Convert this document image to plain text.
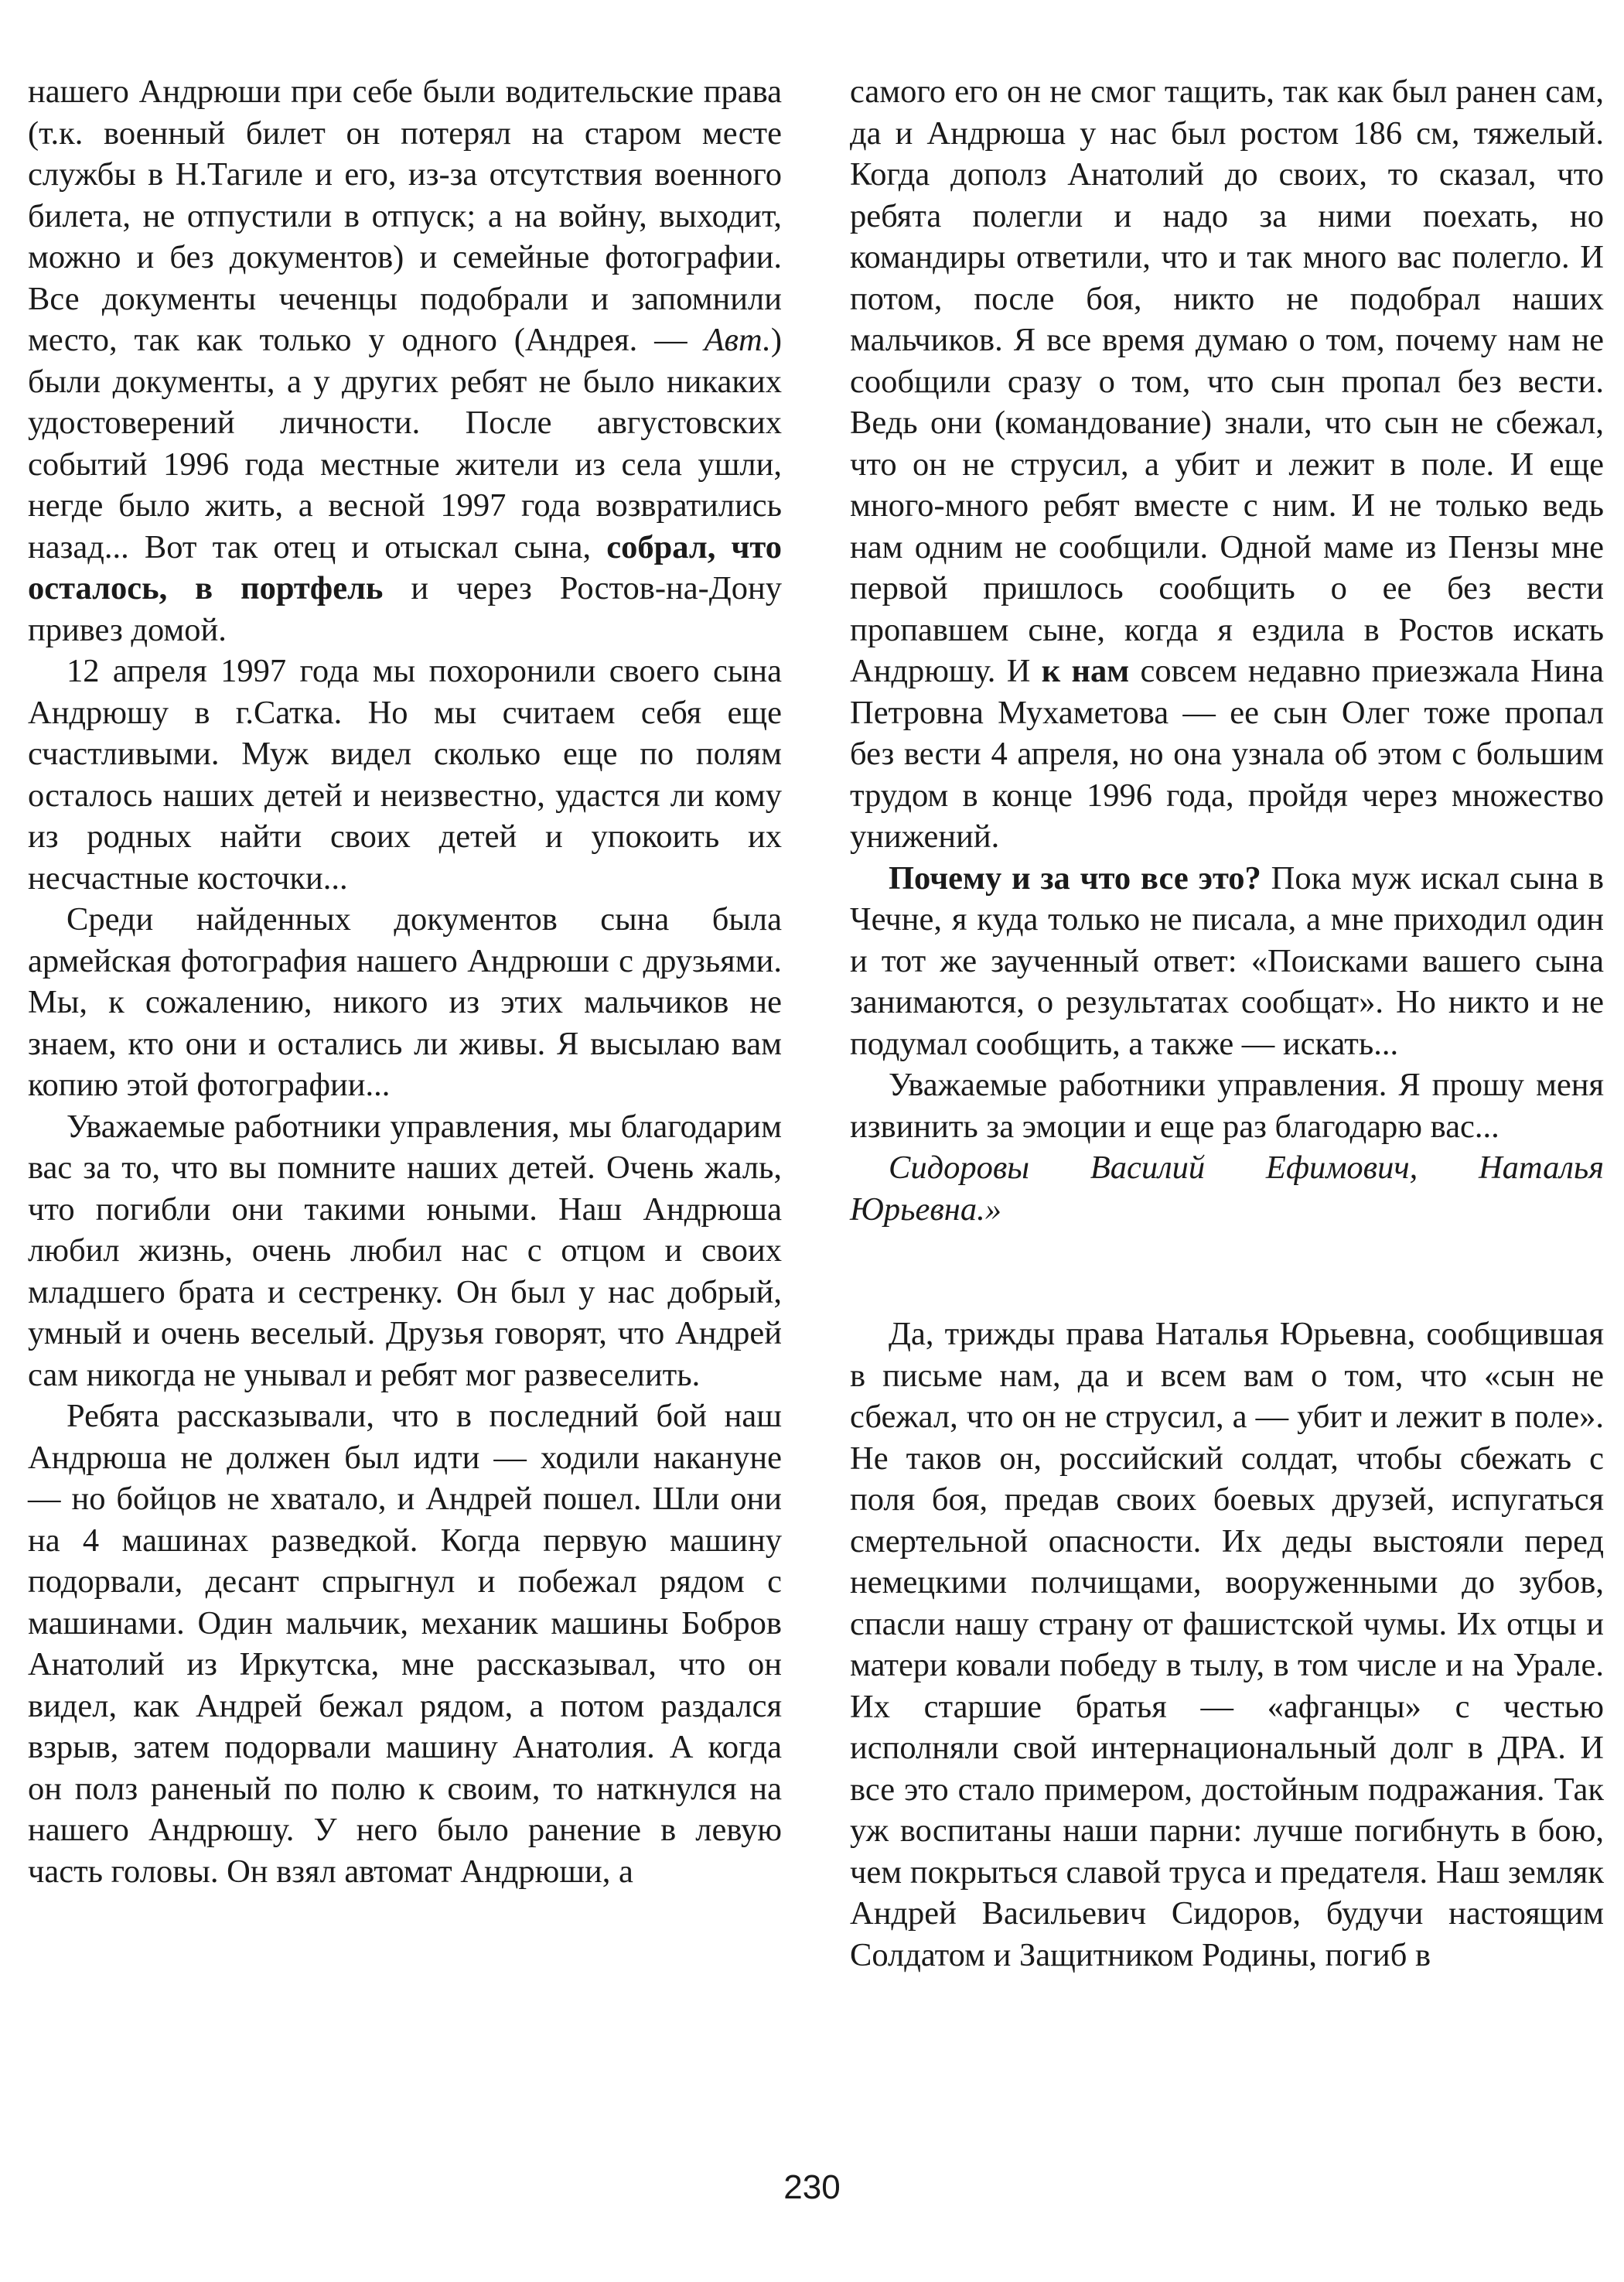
нашего Андрюши при себе были водительские права (т.к. военный билет он потерял на старом месте службы в Н.Тагиле и его, из-за отсутствия военного билета, не отпустили в отпуск; а на войну, выходит, можно и без документов) и семейные фотографии. Все документы чеченцы подобрали и запомнили место, так как только у одного (Андрея. — Авт.) были документы, а у других ребят не было никаких удостоверений личности. После августовских событий 1996 года местные жители из села ушли, негде было жить, а весной 1997 года возвратились назад... Вот так отец и отыскал сына, собрал, что осталось, в портфель и через Ростов-на-Дону привез домой.

12 апреля 1997 года мы похоронили своего сына Андрюшу в г.Сатка. Но мы считаем себя еще счастливыми. Муж видел сколько еще по полям осталось наших детей и неизвестно, удастся ли кому из родных найти своих детей и упокоить их несчастные косточки...

Среди найденных документов сына была армейская фотография нашего Андрюши с друзьями. Мы, к сожалению, никого из этих мальчиков не знаем, кто они и остались ли живы. Я высылаю вам копию этой фотографии...

Уважаемые работники управления, мы благодарим вас за то, что вы помните наших детей. Очень жаль, что погибли они такими юными. Наш Андрюша любил жизнь, очень любил нас с отцом и своих младшего брата и сестренку. Он был у нас добрый, умный и очень веселый. Друзья говорят, что Андрей сам никогда не унывал и ребят мог развеселить.

Ребята рассказывали, что в последний бой наш Андрюша не должен был идти — ходили накануне — но бойцов не хватало, и Андрей пошел. Шли они на 4 машинах разведкой. Когда первую машину подорвали, десант спрыгнул и побежал рядом с машинами. Один мальчик, механик машины Бобров Анатолий из Иркутска, мне рассказывал, что он видел, как Андрей бежал рядом, а потом раздался взрыв, затем подорвали машину Анатолия. А когда он полз раненый по полю к своим, то наткнулся на нашего Андрюшу. У него было ранение в левую часть головы. Он взял автомат Андрюши, а

самого его он не смог тащить, так как был ранен сам, да и Андрюша у нас был ростом 186 см, тяжелый. Когда дополз Анатолий до своих, то сказал, что ребята полегли и надо за ними поехать, но командиры ответили, что и так много вас полегло. И потом, после боя, никто не подобрал наших мальчиков. Я все время думаю о том, почему нам не сообщили сразу о том, что сын пропал без вести. Ведь они (командование) знали, что сын не сбежал, что он не струсил, а убит и лежит в поле. И еще много-много ребят вместе с ним. И не только ведь нам одним не сообщили. Одной маме из Пензы мне первой пришлось сообщить о ее без вести пропавшем сыне, когда я ездила в Ростов искать Андрюшу. И к нам совсем недавно приезжала Нина Петровна Мухаметова — ее сын Олег тоже пропал без вести 4 апреля, но она узнала об этом с большим трудом в конце 1996 года, пройдя через множество унижений.

Почему и за что все это? Пока муж искал сына в Чечне, я куда только не писала, а мне приходил один и тот же заученный ответ: «Поисками вашего сына занимаются, о результатах сообщат». Но никто и не подумал сообщить, а также — искать...

Уважаемые работники управления. Я прошу меня извинить за эмоции и еще раз благодарю вас...

Сидоровы Василий Ефимович, Наталья Юрьевна.»

Да, трижды права Наталья Юрьевна, сообщившая в письме нам, да и всем вам о том, что «сын не сбежал, что он не струсил, а — убит и лежит в поле». Не таков он, российский солдат, чтобы сбежать с поля боя, предав своих боевых друзей, испугаться смертельной опасности. Их деды выстояли перед немецкими полчищами, вооруженными до зубов, спасли нашу страну от фашистской чумы. Их отцы и матери ковали победу в тылу, в том числе и на Урале. Их старшие братья — «афганцы» с честью исполняли свой интернациональный долг в ДРА. И все это стало примером, достойным подражания. Так уж воспитаны наши парни: лучше погибнуть в бою, чем покрыться славой труса и предателя. Наш земляк Андрей Васильевич Сидоров, будучи настоящим Солдатом и Защитником Родины, погиб в

230
